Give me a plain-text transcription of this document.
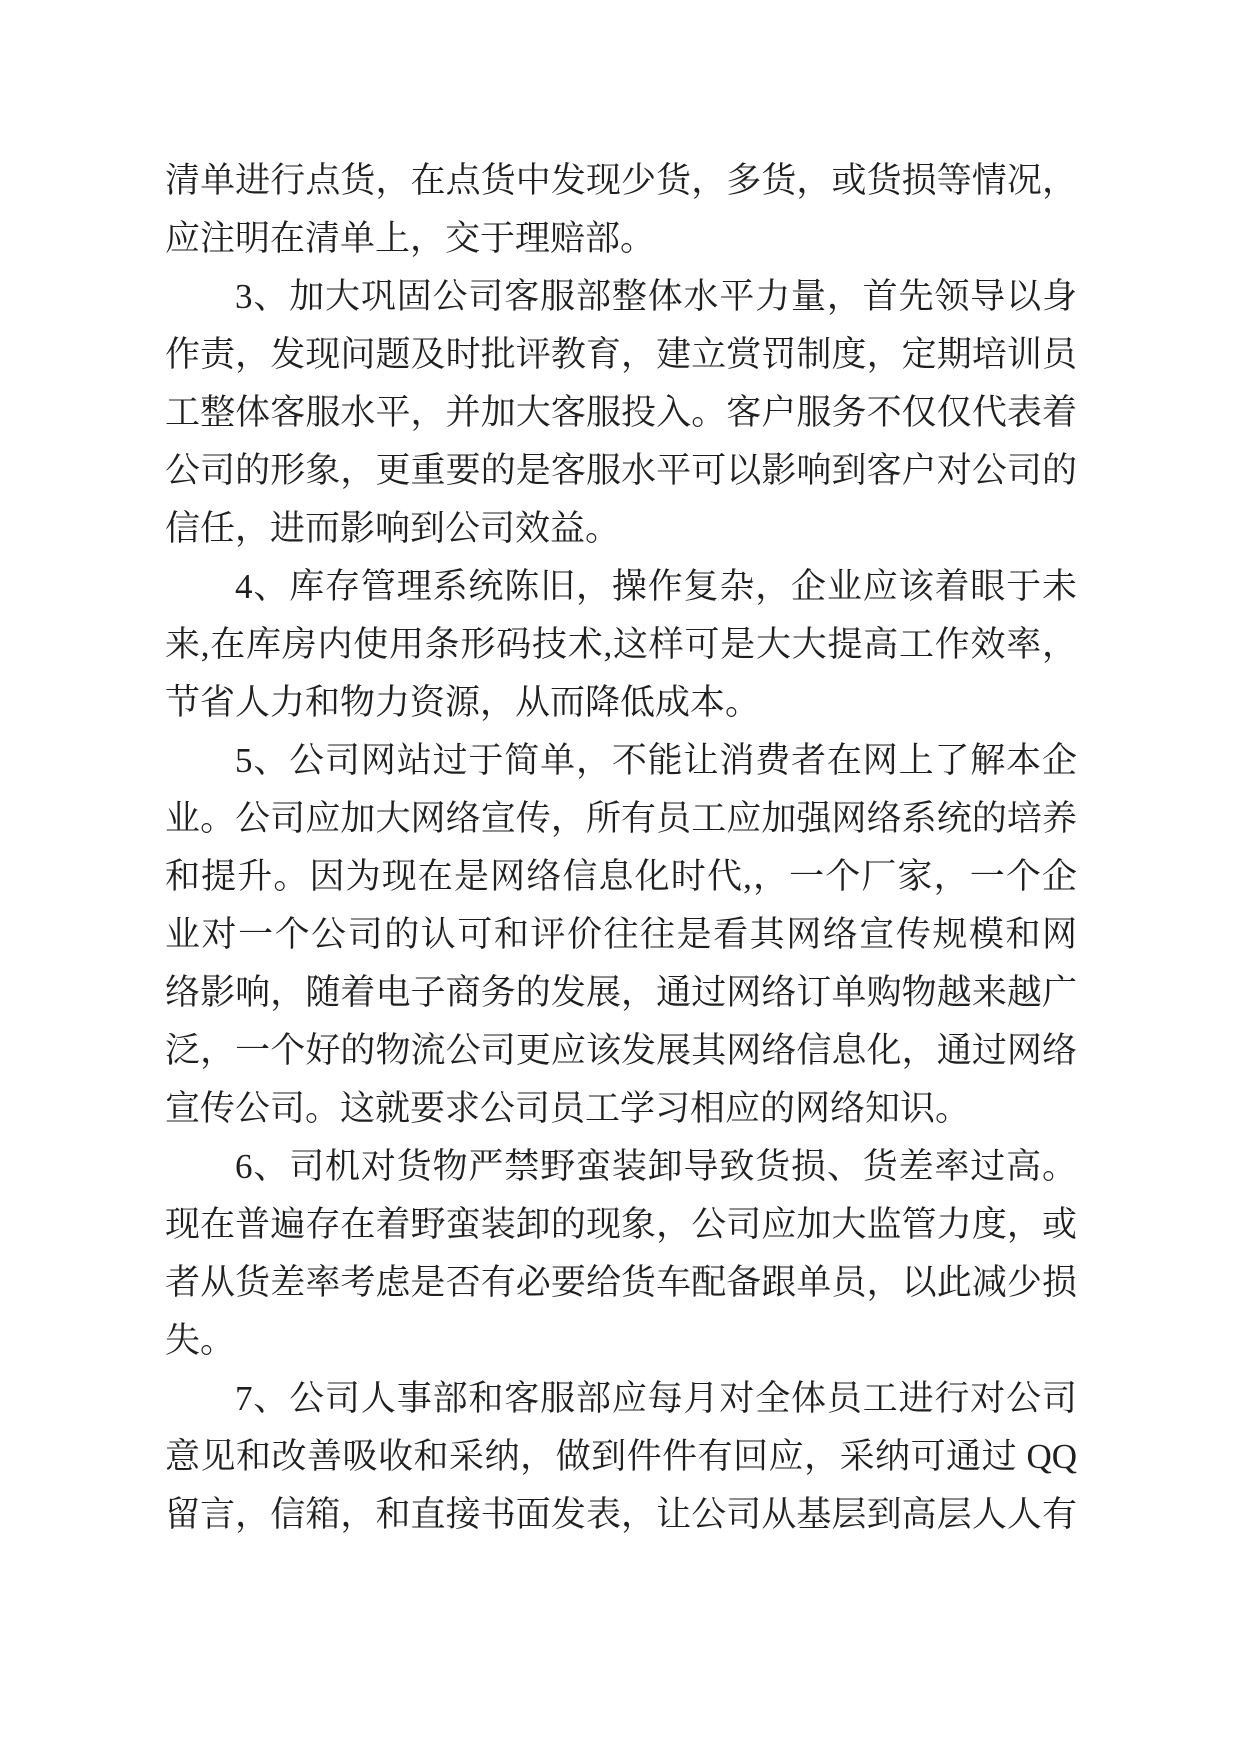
清单进行点货，在点货中发现少货，多货，或货损等情况，
应注明在清单上，交于理赔部。
3、加大巩固公司客服部整体水平力量，首先领导以身
作责，发现问题及时批评教育，建立赏罚制度，定期培训员
工整体客服水平，并加大客服投入。客户服务不仅仅代表着
公司的形象，更重要的是客服水平可以影响到客户对公司的
信任，进而影响到公司效益。
4、库存管理系统陈旧，操作复杂，企业应该着眼于未
来,在库房内使用条形码技术,这样可是大大提高工作效率，
节省人力和物力资源，从而降低成本。
5、公司网站过于简单，不能让消费者在网上了解本企
业。公司应加大网络宣传，所有员工应加强网络系统的培养
和提升。因为现在是网络信息化时代,，一个厂家，一个企
业对一个公司的认可和评价往往是看其网络宣传规模和网
络影响，随着电子商务的发展，通过网络订单购物越来越广
泛，一个好的物流公司更应该发展其网络信息化，通过网络
宣传公司。这就要求公司员工学习相应的网络知识。
6、司机对货物严禁野蛮装卸导致货损、货差率过高。
现在普遍存在着野蛮装卸的现象，公司应加大监管力度，或
者从货差率考虑是否有必要给货车配备跟单员，以此减少损
失。
7、公司人事部和客服部应每月对全体员工进行对公司
意见和改善吸收和采纳，做到件件有回应，采纳可通过 QQ
留言，信箱，和直接书面发表，让公司从基层到高层人人有
